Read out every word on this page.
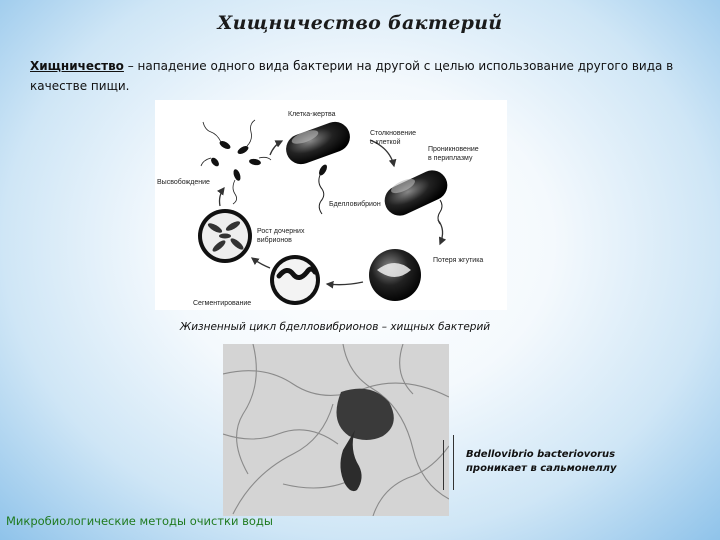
Хищничество бактерий
Хищничество – нападение одного вида бактерии на другой с целью использование другого вида в качестве пищи.
Клетка-жертва
Столкновение
с клеткой
Проникновение
в периплазму
Бделловибрион
Высвобождение
Рост дочерних
вибрионов
Потеря жгутика
Сегментирование
Жизненный цикл бделловибрионов – хищных бактерий
Bdellovibrio bacteriovorus
проникает в сальмонеллу
Микробиологические методы очистки воды
